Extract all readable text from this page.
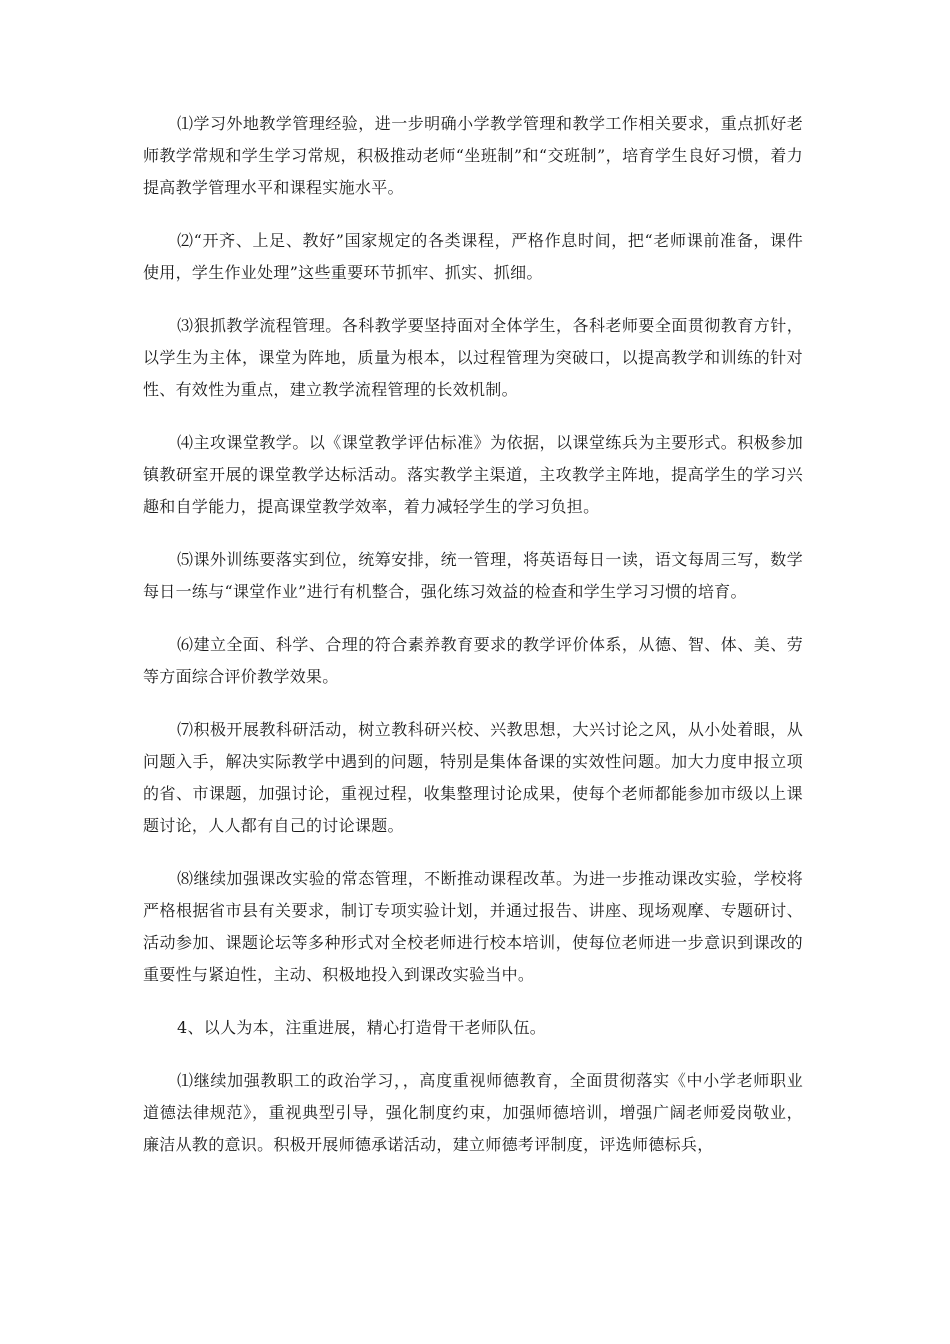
⑴学习外地教学管理经验，进一步明确小学教学管理和教学工作相关要求，重点抓好老师教学常规和学生学习常规，积极推动老师“坐班制”和“交班制”，培育学生良好习惯，着力提高教学管理水平和课程实施水平。

⑵“开齐、上足、教好”国家规定的各类课程，严格作息时间，把“老师课前准备，课件使用，学生作业处理”这些重要环节抓牢、抓实、抓细。

⑶狠抓教学流程管理。各科教学要坚持面对全体学生，各科老师要全面贯彻教育方针，以学生为主体，课堂为阵地，质量为根本，以过程管理为突破口，以提高教学和训练的针对性、有效性为重点，建立教学流程管理的长效机制。

⑷主攻课堂教学。以《课堂教学评估标准》为依据，以课堂练兵为主要形式。积极参加镇教研室开展的课堂教学达标活动。落实教学主渠道，主攻教学主阵地，提高学生的学习兴趣和自学能力，提高课堂教学效率，着力减轻学生的学习负担。

⑸课外训练要落实到位，统筹安排，统一管理，将英语每日一读，语文每周三写，数学每日一练与“课堂作业”进行有机整合，强化练习效益的检查和学生学习习惯的培育。

⑹建立全面、科学、合理的符合素养教育要求的教学评价体系，从德、智、体、美、劳等方面综合评价教学效果。

⑺积极开展教科研活动，树立教科研兴校、兴教思想，大兴讨论之风，从小处着眼，从问题入手，解决实际教学中遇到的问题，特别是集体备课的实效性问题。加大力度申报立项的省、市课题，加强讨论，重视过程，收集整理讨论成果，使每个老师都能参加市级以上课题讨论，人人都有自己的讨论课题。

⑻继续加强课改实验的常态管理，不断推动课程改革。为进一步推动课改实验，学校将严格根据省市县有关要求，制订专项实验计划，并通过报告、讲座、现场观摩、专题研讨、活动参加、课题论坛等多种形式对全校老师进行校本培训，使每位老师进一步意识到课改的重要性与紧迫性，主动、积极地投入到课改实验当中。

4、以人为本，注重进展，精心打造骨干老师队伍。

⑴继续加强教职工的政治学习，，高度重视师德教育，全面贯彻落实《中小学老师职业道德法律规范》，重视典型引导，强化制度约束，加强师德培训，增强广阔老师爱岗敬业，廉洁从教的意识。积极开展师德承诺活动，建立师德考评制度，评选师德标兵，
